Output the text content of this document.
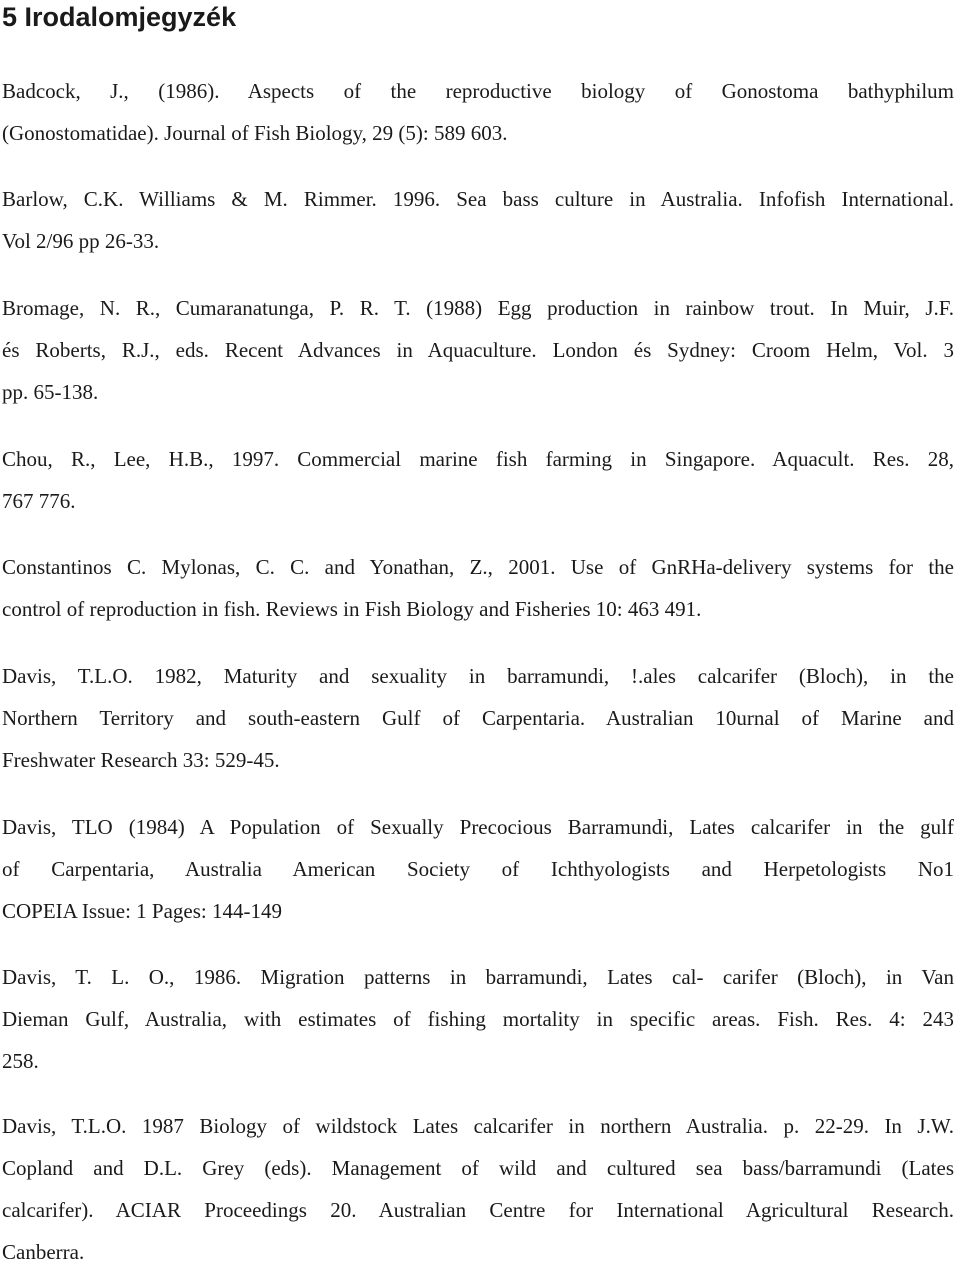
5 Irodalomjegyzék

Badcock, J., (1986). Aspects of the reproductive biology of Gonostoma bathyphilum
(Gonostomatidae). Journal of Fish Biology, 29 (5): 589 603.

Barlow, C.K. Williams & M. Rimmer. 1996. Sea bass culture in Australia. Infofish International.
Vol 2/96 pp 26-33.

Bromage, N. R., Cumaranatunga, P. R. T. (1988) Egg production in rainbow trout. In Muir, J.F.
és Roberts, R.J., eds. Recent Advances in Aquaculture. London és Sydney: Croom Helm, Vol. 3
pp. 65-138.

Chou, R., Lee, H.B., 1997. Commercial marine fish farming in Singapore. Aquacult. Res. 28,
767 776.

Constantinos C. Mylonas, C. C. and Yonathan, Z., 2001. Use of GnRHa-delivery systems for the
control of reproduction in fish. Reviews in Fish Biology and Fisheries 10: 463 491.

Davis, T.L.O. 1982, Maturity and sexuality in barramundi, !.ales calcarifer (Bloch), in the
Northern Territory and south-eastern Gulf of Carpentaria. Australian 10urnal of Marine and
Freshwater Research 33: 529-45.

Davis, TLO (1984) A Population of Sexually Precocious Barramundi, Lates calcarifer in the gulf
of Carpentaria, Australia American Society of Ichthyologists and Herpetologists No1
COPEIA Issue: 1 Pages: 144-149

Davis, T. L. O., 1986. Migration patterns in barramundi, Lates cal- carifer (Bloch), in Van
Dieman Gulf, Australia, with estimates of fishing mortality in specific areas. Fish. Res. 4: 243
258.

Davis, T.L.O. 1987 Biology of wildstock Lates calcarifer in northern Australia. p. 22-29. In J.W.
Copland and D.L. Grey (eds). Management of wild and cultured sea bass/barramundi (Lates
calcarifer). ACIAR Proceedings 20. Australian Centre for International Agricultural Research.
Canberra.
